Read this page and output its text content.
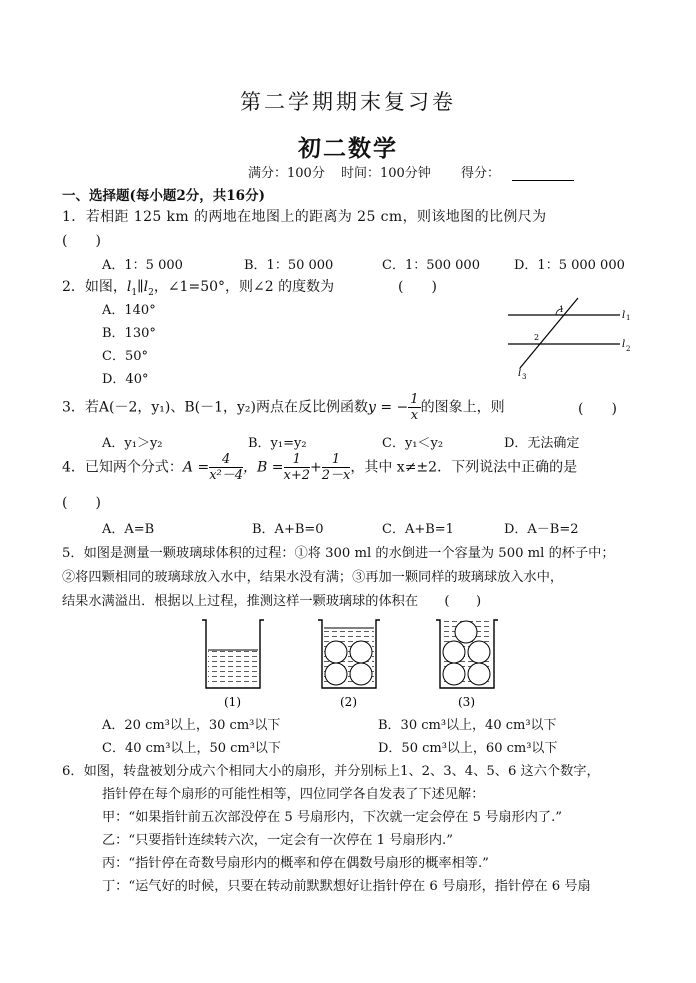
第二学期期末复习卷
初二数学
满分：100分 时间：100分钟 得分：
一、选择题(每小题2分，共16分)
1．若相距 125 km 的两地在地图上的距离为 25 cm，则该地图的比例尺为
(　　)
A．1：5 000	B．1：50 000	C．1：500 000	D．1：5 000 000
2．如图，$l_1\parallel l_2$，∠1=50°，则∠2 的度数为	(　　)
A．140°
B．130°
C．50°
D．40°
1
2
l 1
l 2
l 3
3．若A(－2，y₁)、B(－1，y₂)两点在反比例函数y = − $\frac{1}{x}$ 的图象上，则	(　　)
A．y₁＞y₂	B．y₁=y₂	C．y₁＜y₂	D．无法确定
4．已知两个分式：$A = \frac{4}{\text{x²－4}}$ ，$B = \frac{1}{x+2} + \frac{1}{2-x}$ ，其中 x≠±2．下列说法中正确的是
(　　)
A．A=B	B．A+B=0	C．A+B=1	D．A－B=2
5．如图是测量一颗玻璃球体积的过程：①将 300 ml 的水倒进一个容量为 500 ml 的杯子中；
②将四颗相同的玻璃球放入水中，结果水没有满；③再加一颗同样的玻璃球放入水中，
结果水满溢出．根据以上过程，推测这样一颗玻璃球的体积在　　(　　)
(1)	(2)	(3)
A．20 cm³以上，30 cm³以下	B．30 cm³以上，40 cm³以下
C．40 cm³以上，50 cm³以下	D．50 cm³以上，60 cm³以下
6．如图，转盘被划分成六个相同大小的扇形，并分别标上1、2、3、4、5、6 这六个数字，
指针停在每个扇形的可能性相等，四位同学各自发表了下述见解：
甲：“如果指针前五次部没停在 5 号扇形内，下次就一定会停在 5 号扇形内了.”
乙：“只要指针连续转六次，一定会有一次停在 1 号扇形内.”
丙：“指针停在奇数号扇形内的概率和停在偶数号扇形的概率相等.”
丁：“运气好的时候，只要在转动前默默想好让指针停在 6 号扇形，指针停在 6 号扇
